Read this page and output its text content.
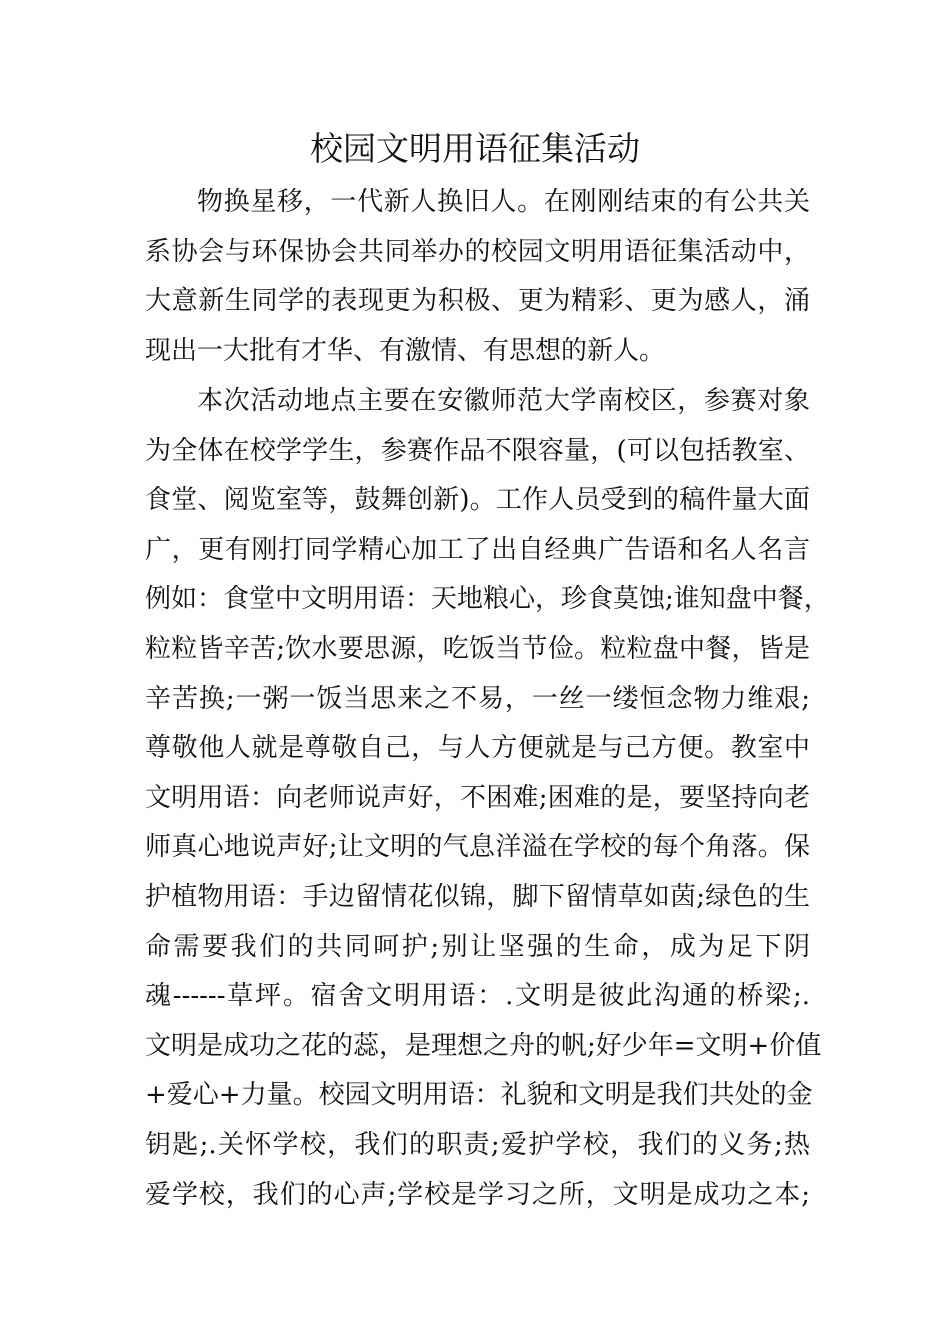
校园文明用语征集活动
物换星移，一代新人换旧人。在刚刚结束的有公共关
系协会与环保协会共同举办的校园文明用语征集活动中，
大意新生同学的表现更为积极、更为精彩、更为感人，涌
现出一大批有才华、有激情、有思想的新人。
本次活动地点主要在安徽师范大学南校区，参赛对象
为全体在校学学生，参赛作品不限容量，(可以包括教室、
食堂、阅览室等，鼓舞创新)。工作人员受到的稿件量大面
广，更有刚打同学精心加工了出自经典广告语和名人名言
例如：食堂中文明用语：天地粮心，珍食莫蚀;谁知盘中餐，
粒粒皆辛苦;饮水要思源，吃饭当节俭。粒粒盘中餐，皆是
辛苦换;一粥一饭当思来之不易，一丝一缕恒念物力维艰;
尊敬他人就是尊敬自己，与人方便就是与己方便。教室中
文明用语：向老师说声好，不困难;困难的是，要坚持向老
师真心地说声好;让文明的气息洋溢在学校的每个角落。保
护植物用语：手边留情花似锦，脚下留情草如茵;绿色的生
命需要我们的共同呵护;别让坚强的生命，成为足下阴
魂------草坪。宿舍文明用语：.文明是彼此沟通的桥梁;.
文明是成功之花的蕊，是理想之舟的帆;好少年=文明+价值
+爱心+力量。校园文明用语：礼貌和文明是我们共处的金
钥匙;.关怀学校，我们的职责;爱护学校，我们的义务;热
爱学校，我们的心声;学校是学习之所，文明是成功之本;
